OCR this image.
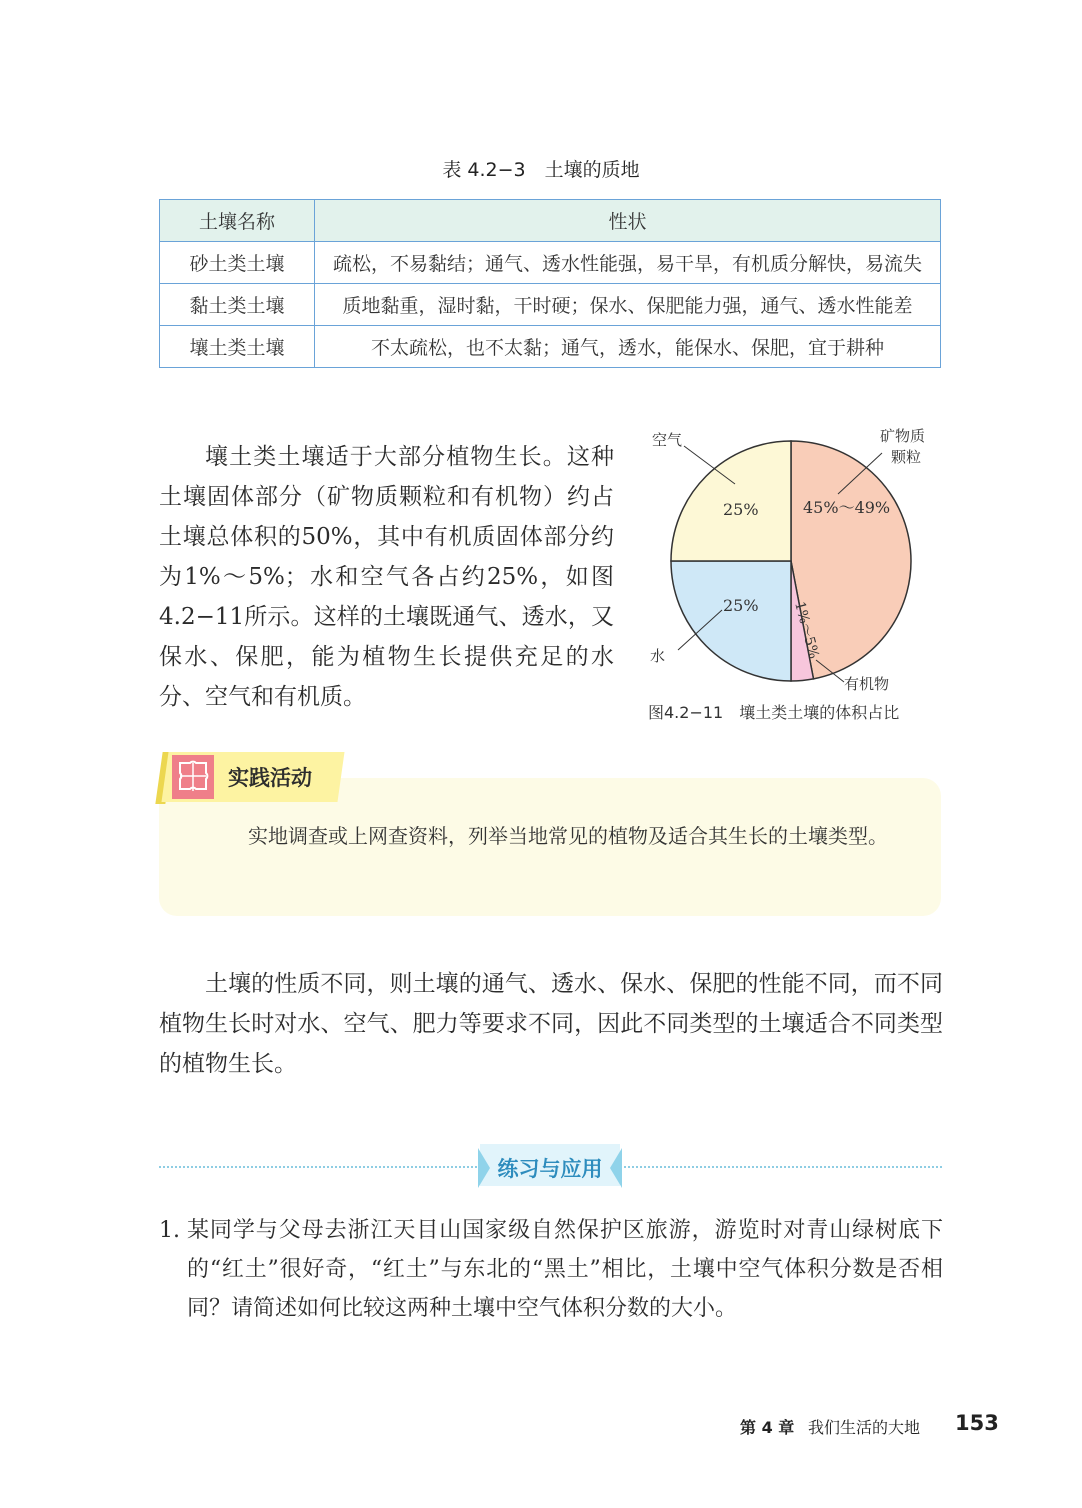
表 4.2−3　土壤的质地
土壤名称	性状
砂土类土壤	疏松，不易黏结；通气、透水性能强，易干旱，有机质分解快，易流失
黏土类土壤	质地黏重，湿时黏，干时硬；保水、保肥能力强，通气、透水性能差
壤土类土壤	不太疏松，也不太黏；通气，透水，能保水、保肥，宜于耕种
壤土类土壤适于大部分植物生长。这种土壤固体部分（矿物质颗粒和有机物）约占土壤总体积的50%，其中有机质固体部分约为1%～5%；水和空气各占约25%，如图4.2−11所示。这样的土壤既通气、透水，又保水、保肥，能为植物生长提供充足的水分、空气和有机质。
空气	矿物质
颗粒
水
有机物
45%～49%
25%
25% 1%～5%
图4.2−11　壤土类土壤的体积占比
实践活动
实地调查或上网查资料，列举当地常见的植物及适合其生长的土壤类型。
土壤的性质不同，则土壤的通气、透水、保水、保肥的性能不同，而不同植物生长时对水、空气、肥力等要求不同，因此不同类型的土壤适合不同类型的植物生长。
练习与应用
1. 某同学与父母去浙江天目山国家级自然保护区旅游，游览时对青山绿树底下的“红土”很好奇，“红土”与东北的“黑土”相比，土壤中空气体积分数是否相同？请简述如何比较这两种土壤中空气体积分数的大小。
第 4 章 我们生活的大地 153
